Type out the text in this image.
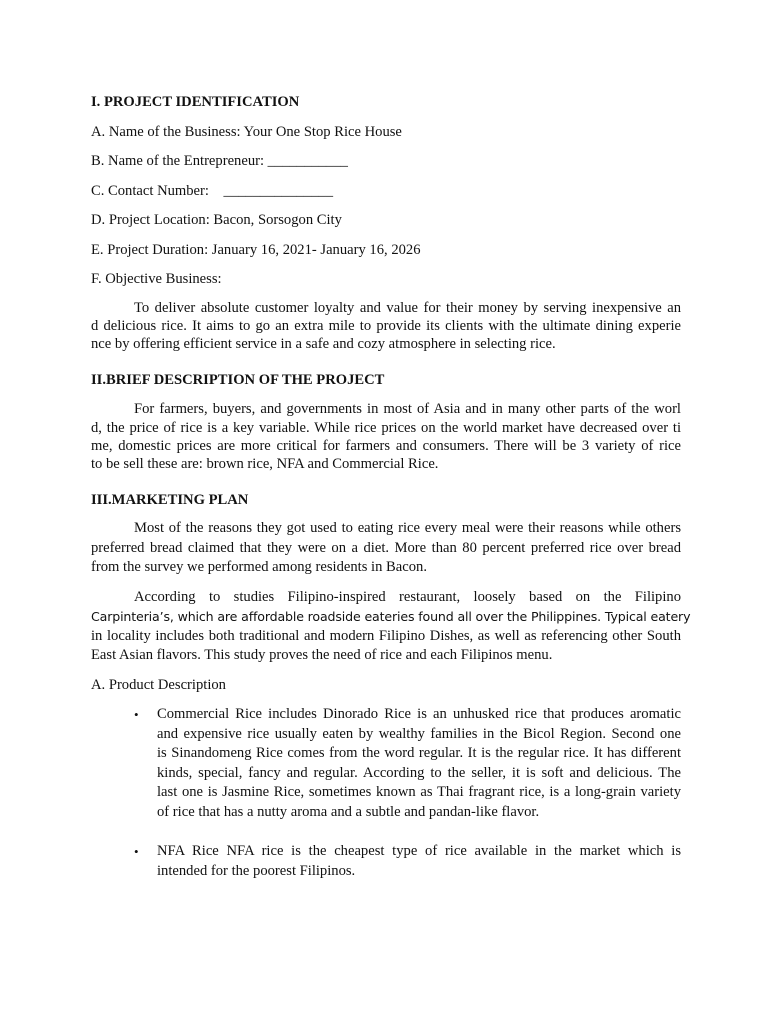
I. PROJECT IDENTIFICATION

A. Name of the Business: Your One Stop Rice House

B. Name of the Entrepreneur: ___________

C. Contact Number:    _______________

D. Project Location: Bacon, Sorsogon City

E. Project Duration: January 16, 2021- January 16, 2026

F. Objective Business:

To deliver absolute customer loyalty and value for their money by serving inexpensive an
d delicious rice. It aims to go an extra mile to provide its clients with the ultimate dining experie
nce by offering efficient service in a safe and cozy atmosphere in selecting rice.

II.BRIEF DESCRIPTION OF THE PROJECT

For farmers, buyers, and governments in most of Asia and in many other parts of the worl
d, the price of rice is a key variable. While rice prices on the world market have decreased over ti
me, domestic prices are more critical for farmers and consumers. There will be 3 variety of rice
to be sell these are: brown rice, NFA and Commercial Rice.

III.MARKETING PLAN

Most of the reasons they got used to eating rice every meal were their reasons while others
preferred bread claimed that they were on a diet. More than 80 percent preferred rice over bread
from the survey we performed among residents in Bacon.

According to studies Filipino-inspired restaurant, loosely based on the Filipino
Carpinteria’s, which are affordable roadside eateries found all over the Philippines. Typical eatery
in locality includes both traditional and modern Filipino Dishes, as well as referencing other South
East Asian flavors. This study proves the need of rice and each Filipinos menu.

A. Product Description

• Commercial Rice includes Dinorado Rice is an unhusked rice that produces aromatic
and expensive rice usually eaten by wealthy families in the Bicol Region. Second one
is Sinandomeng Rice comes from the word regular. It is the regular rice. It has different
kinds, special, fancy and regular. According to the seller, it is soft and delicious. The
last one is Jasmine Rice, sometimes known as Thai fragrant rice, is a long-grain variety
of rice that has a nutty aroma and a subtle and pandan-like flavor.
• NFA Rice NFA rice is the cheapest type of rice available in the market which is
intended for the poorest Filipinos.
